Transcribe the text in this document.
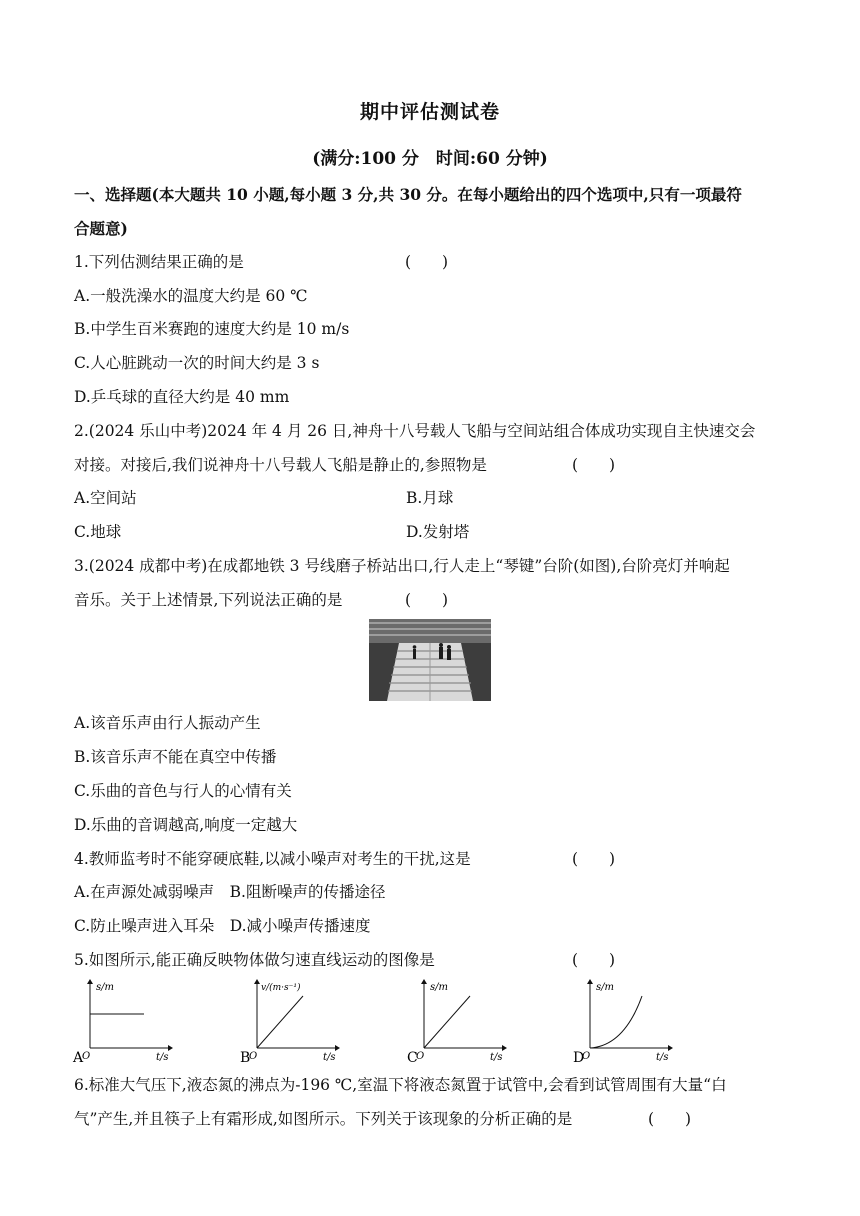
期中评估测试卷
(满分:100 分　时间:60 分钟)
一、选择题(本大题共 10 小题,每小题 3 分,共 30 分。在每小题给出的四个选项中,只有一项最符
合题意)
1.下列估测结果正确的是	(　　)
A.一般洗澡水的温度大约是 60 ℃
B.中学生百米赛跑的速度大约是 10 m/s
C.人心脏跳动一次的时间大约是 3 s
D.乒乓球的直径大约是 40 mm
2.(2024 乐山中考)2024 年 4 月 26 日,神舟十八号载人飞船与空间站组合体成功实现自主快速交会
对接。对接后,我们说神舟十八号载人飞船是静止的,参照物是	(　　)
A.空间站	B.月球
C.地球	D.发射塔
3.(2024 成都中考)在成都地铁 3 号线磨子桥站出口,行人走上“琴键”台阶(如图),台阶亮灯并响起
音乐。关于上述情景,下列说法正确的是	(　　)
A.该音乐声由行人振动产生
B.该音乐声不能在真空中传播
C.乐曲的音色与行人的心情有关
D.乐曲的音调越高,响度一定越大
4.教师监考时不能穿硬底鞋,以减小噪声对考生的干扰,这是	(　　)
A.在声源处减弱噪声　B.阻断噪声的传播途径
C.防止噪声进入耳朵　D.减小噪声传播速度
5.如图所示,能正确反映物体做匀速直线运动的图像是	(　　)
s/m
A
O	t/s
v/(m·s⁻¹)
B
O	t/s
s/m
C
O	t/s
s/m
D
O	t/s
6.标准大气压下,液态氮的沸点为-196 ℃,室温下将液态氮置于试管中,会看到试管周围有大量“白
气”产生,并且筷子上有霜形成,如图所示。下列关于该现象的分析正确的是	(　　)
